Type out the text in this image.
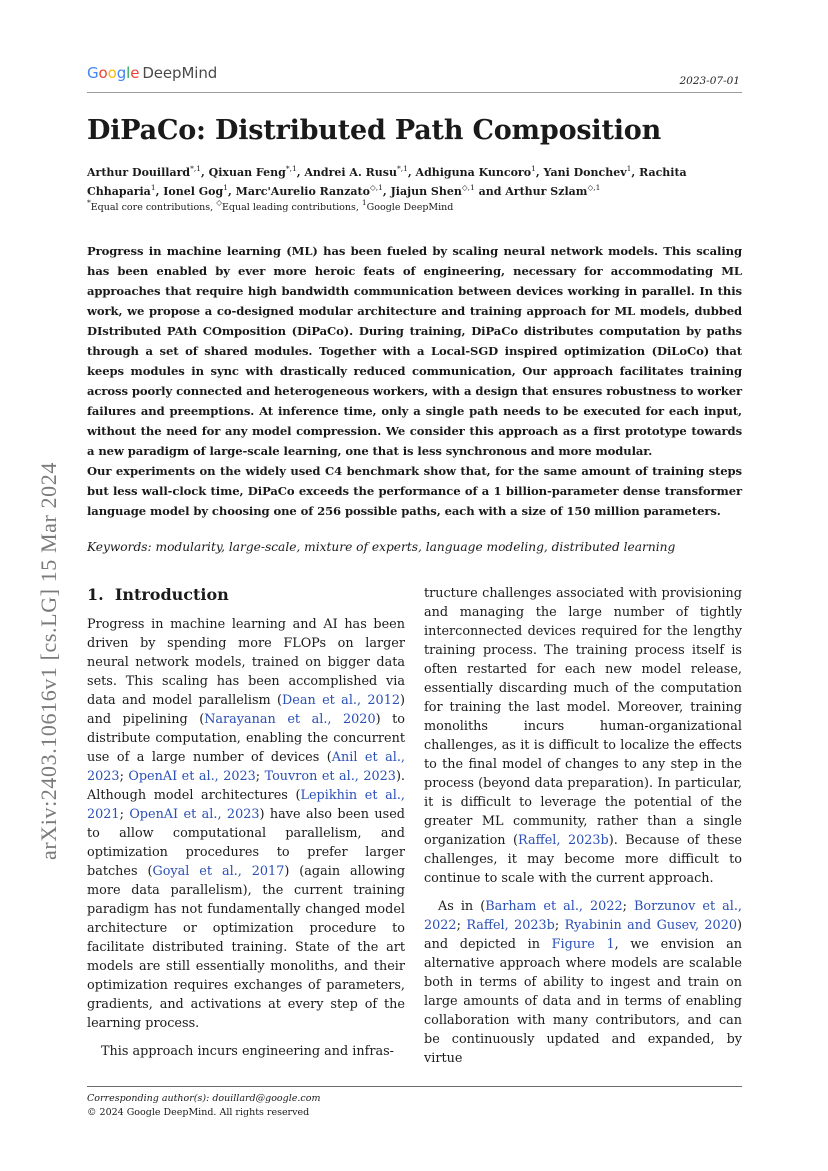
Google DeepMind	2023-07-01
arXiv:2403.10616v1 [cs.LG] 15 Mar 2024
DiPaCo: Distributed Path Composition

Arthur Douillard$^{*,1}$, Qixuan Feng$^{*,1}$, Andrei A. Rusu$^{*,1}$, Adhiguna Kuncoro$^1$, Yani Donchev$^1$, Rachita Chhaparia$^1$, Ionel Gog$^1$, Marc'Aurelio Ranzato$^{◇,1}$, Jiajun Shen$^{◇,1}$ and Arthur Szlam$^{◇,1}$

*Equal core contributions, ◇Equal leading contributions, $^1$Google DeepMind

Progress in machine learning (ML) has been fueled by scaling neural network models. This scaling has been enabled by ever more heroic feats of engineering, necessary for accommodating ML approaches that require high bandwidth communication between devices working in parallel. In this work, we propose a co-designed modular architecture and training approach for ML models, dubbed DIstributed PAth COmposition (DiPaCo). During training, DiPaCo distributes computation by paths through a set of shared modules. Together with a Local-SGD inspired optimization (DiLoCo) that keeps modules in sync with drastically reduced communication, Our approach facilitates training across poorly connected and heterogeneous workers, with a design that ensures robustness to worker failures and preemptions. At inference time, only a single path needs to be executed for each input, without the need for any model compression. We consider this approach as a first prototype towards a new paradigm of large-scale learning, one that is less synchronous and more modular.

Our experiments on the widely used C4 benchmark show that, for the same amount of training steps but less wall-clock time, DiPaCo exceeds the performance of a 1 billion-parameter dense transformer language model by choosing one of 256 possible paths, each with a size of 150 million parameters.

Keywords: modularity, large-scale, mixture of experts, language modeling, distributed learning

1. Introduction

Progress in machine learning and AI has been driven by spending more FLOPs on larger neural network models, trained on bigger data sets. This scaling has been accomplished via data and model parallelism (Dean et al., 2012) and pipelining (Narayanan et al., 2020) to distribute computation, enabling the concurrent use of a large number of devices (Anil et al., 2023; OpenAI et al., 2023; Touvron et al., 2023). Although model architectures (Lepikhin et al., 2021; OpenAI et al., 2023) have also been used to allow computational parallelism, and optimization procedures to prefer larger batches (Goyal et al., 2017) (again allowing more data parallelism), the current training paradigm has not fundamentally changed model architecture or optimization procedure to facilitate distributed training. State of the art models are still essentially monoliths, and their optimization requires exchanges of parameters, gradients, and activations at every step of the learning process.

This approach incurs engineering and infras-

tructure challenges associated with provisioning and managing the large number of tightly interconnected devices required for the lengthy training process. The training process itself is often restarted for each new model release, essentially discarding much of the computation for training the last model. Moreover, training monoliths incurs human-organizational challenges, as it is difficult to localize the effects to the final model of changes to any step in the process (beyond data preparation). In particular, it is difficult to leverage the potential of the greater ML community, rather than a single organization (Raffel, 2023b). Because of these challenges, it may become more difficult to continue to scale with the current approach.

As in (Barham et al., 2022; Borzunov et al., 2022; Raffel, 2023b; Ryabinin and Gusev, 2020) and depicted in Figure 1, we envision an alternative approach where models are scalable both in terms of ability to ingest and train on large amounts of data and in terms of enabling collaboration with many contributors, and can be continuously updated and expanded, by virtue

Corresponding author(s): douillard@google.com
© 2024 Google DeepMind. All rights reserved
